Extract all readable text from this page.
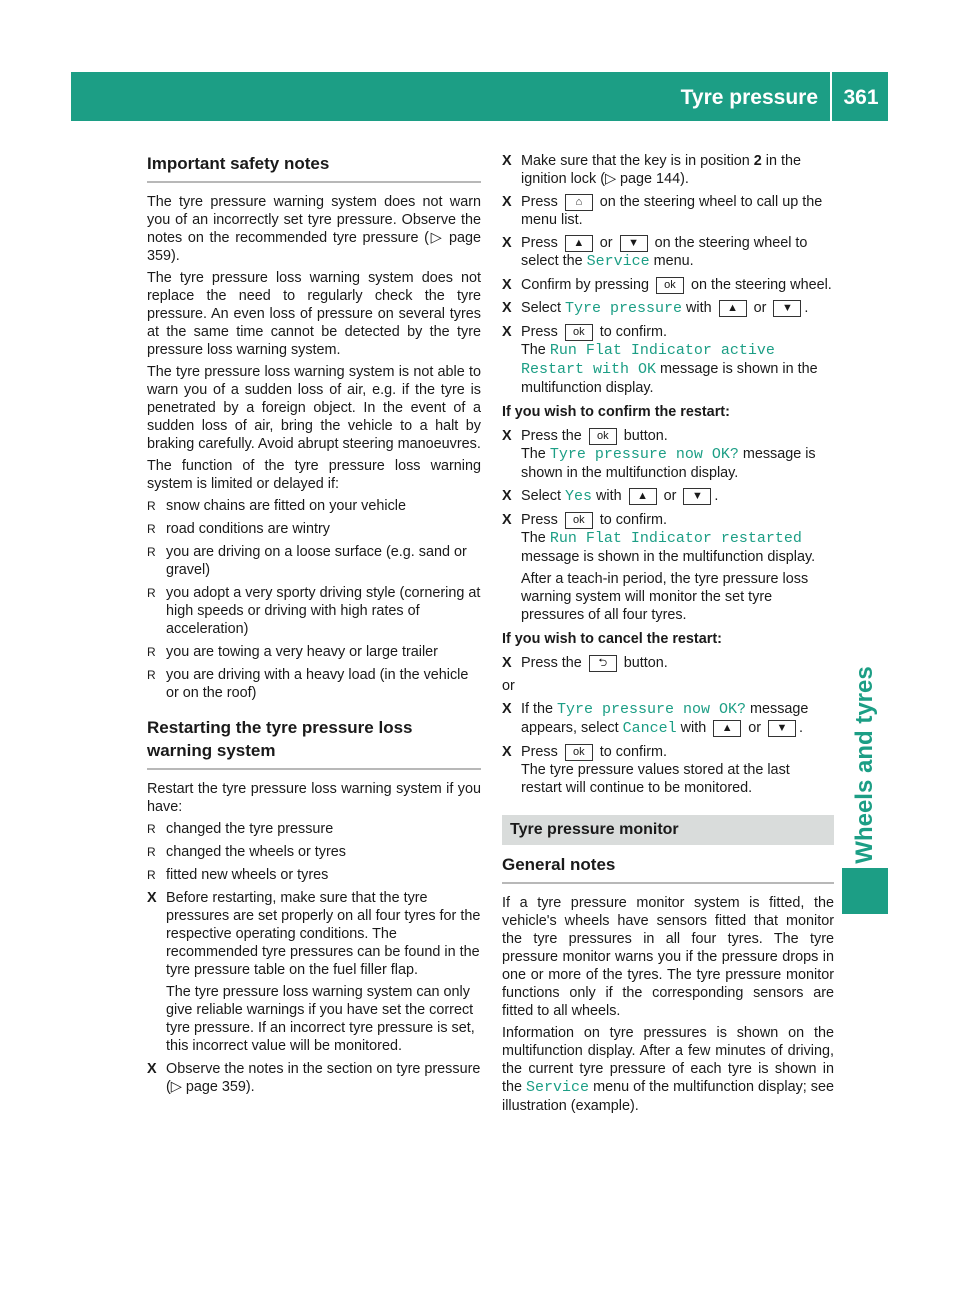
Tyre pressure	361
Wheels and tyres
Important safety notes

The tyre pressure warning system does not warn you of an incorrectly set tyre pressure. Observe the notes on the recommended tyre pressure (▷ page 359).

The tyre pressure loss warning system does not replace the need to regularly check the tyre pressure. An even loss of pressure on several tyres at the same time cannot be detected by the tyre pressure loss warning system.

The tyre pressure loss warning system is not able to warn you of a sudden loss of air, e.g. if the tyre is penetrated by a foreign object. In the event of a sudden loss of air, bring the vehicle to a halt by braking carefully. Avoid abrupt steering manoeuvres.

The function of the tyre pressure loss warning system is limited or delayed if:

R snow chains are fitted on your vehicle
R road conditions are wintry
R you are driving on a loose surface (e.g. sand or gravel)
R you adopt a very sporty driving style (cornering at high speeds or driving with high rates of acceleration)
R you are towing a very heavy or large trailer
R you are driving with a heavy load (in the vehicle or on the roof)
Restarting the tyre pressure loss warning system

Restart the tyre pressure loss warning system if you have:

R changed the tyre pressure
R changed the wheels or tyres
R fitted new wheels or tyres
X Before restarting, make sure that the tyre pressures are set properly on all four tyres for the respective operating conditions. The recommended tyre pressures can be found in the tyre pressure table on the fuel filler flap.
The tyre pressure loss warning system can only give reliable warnings if you have set the correct tyre pressure. If an incorrect tyre pressure is set, this incorrect value will be monitored.
X Observe the notes in the section on tyre pressure (▷ page 359).
X Make sure that the key is in position 2 in the ignition lock (▷ page 144).
X Press ⌂ on the steering wheel to call up the menu list.
X Press ▲ or ▼ on the steering wheel to select the Service menu.
X Confirm by pressing ok on the steering wheel.
X Select Tyre pressure with ▲ or ▼ .
X Press ok to confirm.
The Run Flat Indicator active Restart with OK message is shown in the multifunction display.
If you wish to confirm the restart:
X Press the ok button.
The Tyre pressure now OK? message is shown in the multifunction display.
X Select Yes with ▲ or ▼ .
X Press ok to confirm.
The Run Flat Indicator restarted message is shown in the multifunction display.
After a teach-in period, the tyre pressure loss warning system will monitor the set tyre pressures of all four tyres.
If you wish to cancel the restart:
X Press the ⮌ button.
or
X If the Tyre pressure now OK? message appears, select Cancel with ▲ or ▼ .
X Press ok to confirm.
The tyre pressure values stored at the last restart will continue to be monitored.
Tyre pressure monitor
General notes

If a tyre pressure monitor system is fitted, the vehicle's wheels have sensors fitted that monitor the tyre pressures in all four tyres. The tyre pressure monitor warns you if the pressure drops in one or more of the tyres. The tyre pressure monitor functions only if the corresponding sensors are fitted to all wheels.

Information on tyre pressures is shown on the multifunction display. After a few minutes of driving, the current tyre pressure of each tyre is shown in the Service menu of the multifunction display; see illustration (example).
